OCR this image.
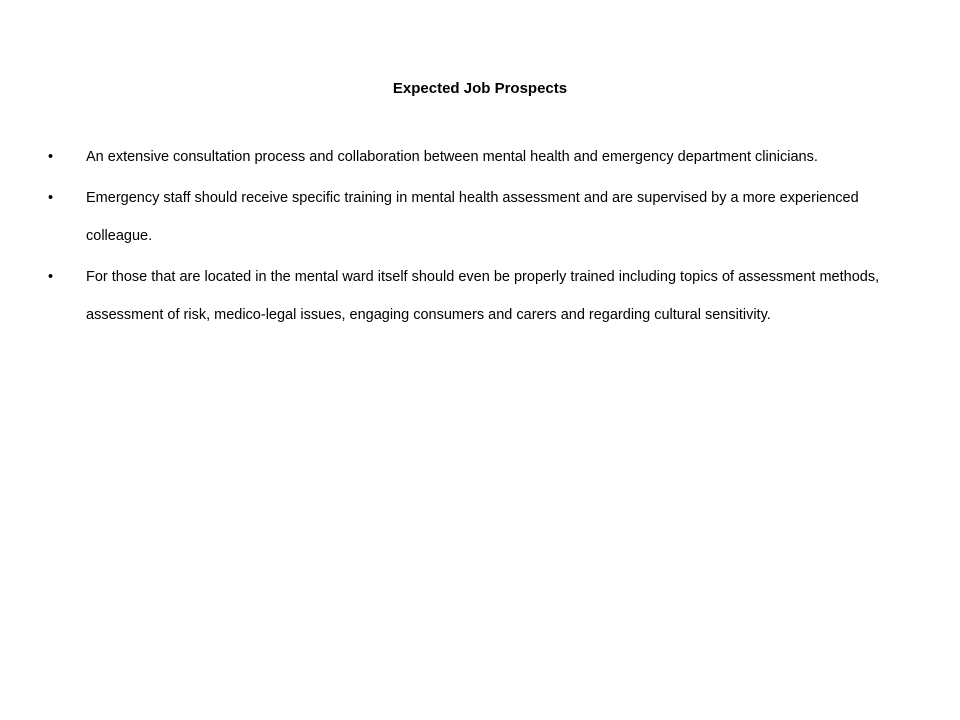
Expected Job Prospects
•	An extensive consultation process and collaboration between mental health and emergency department clinicians.
•	Emergency staff should receive specific training in mental health assessment and are supervised by a more experienced colleague.
•	For those that are located in the mental ward itself should even be properly trained including topics of assessment methods, assessment of risk, medico-legal issues, engaging consumers and carers and regarding cultural sensitivity.
